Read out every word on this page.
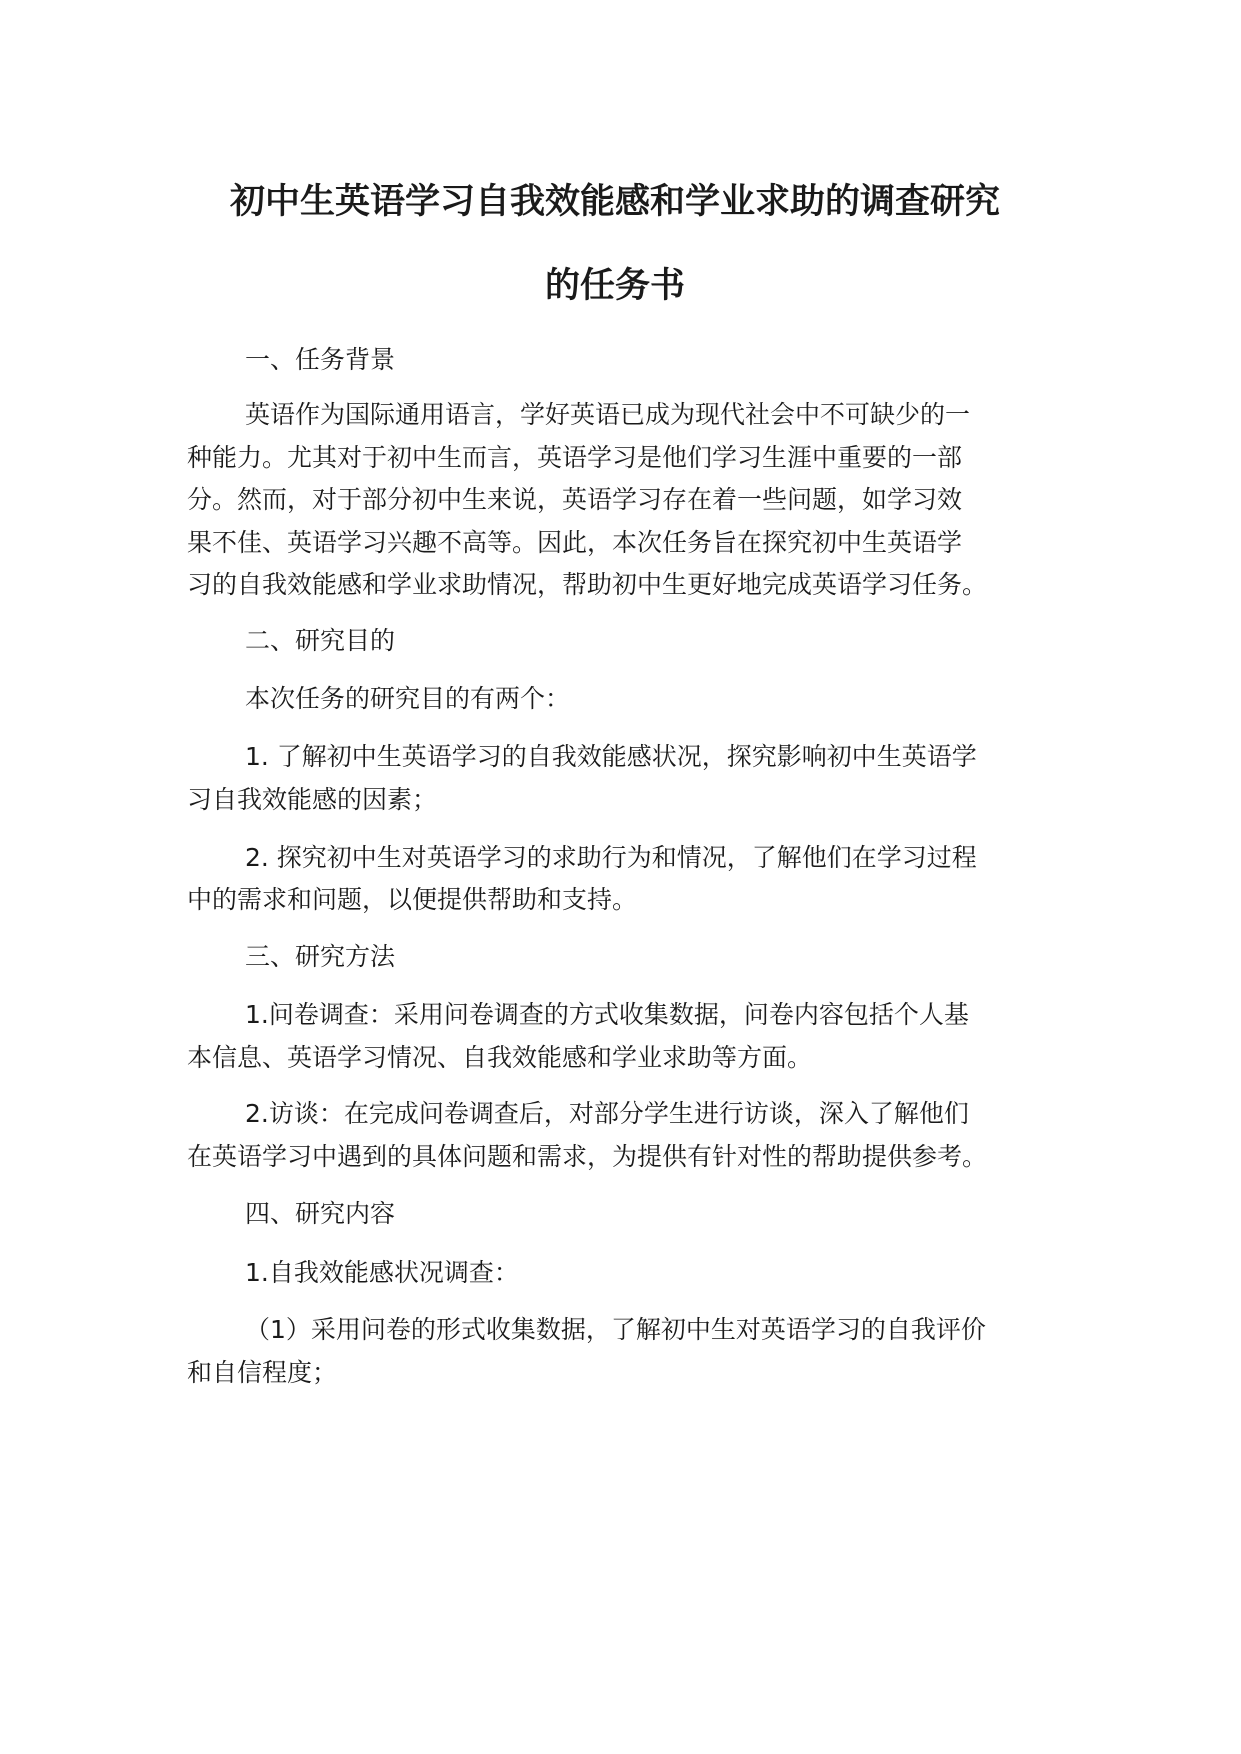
初中生英语学习自我效能感和学业求助的调查研究
的任务书
一、任务背景
英语作为国际通用语言，学好英语已成为现代社会中不可缺少的一
种能力。尤其对于初中生而言，英语学习是他们学习生涯中重要的一部
分。然而，对于部分初中生来说，英语学习存在着一些问题，如学习效
果不佳、英语学习兴趣不高等。因此，本次任务旨在探究初中生英语学
习的自我效能感和学业求助情况，帮助初中生更好地完成英语学习任务。
二、研究目的
本次任务的研究目的有两个：
1. 了解初中生英语学习的自我效能感状况，探究影响初中生英语学
习自我效能感的因素；
2. 探究初中生对英语学习的求助行为和情况，了解他们在学习过程
中的需求和问题，以便提供帮助和支持。
三、研究方法
1.问卷调查：采用问卷调查的方式收集数据，问卷内容包括个人基
本信息、英语学习情况、自我效能感和学业求助等方面。
2.访谈：在完成问卷调查后，对部分学生进行访谈，深入了解他们
在英语学习中遇到的具体问题和需求，为提供有针对性的帮助提供参考。
四、研究内容
1.自我效能感状况调查：
（1）采用问卷的形式收集数据，了解初中生对英语学习的自我评价
和自信程度；
